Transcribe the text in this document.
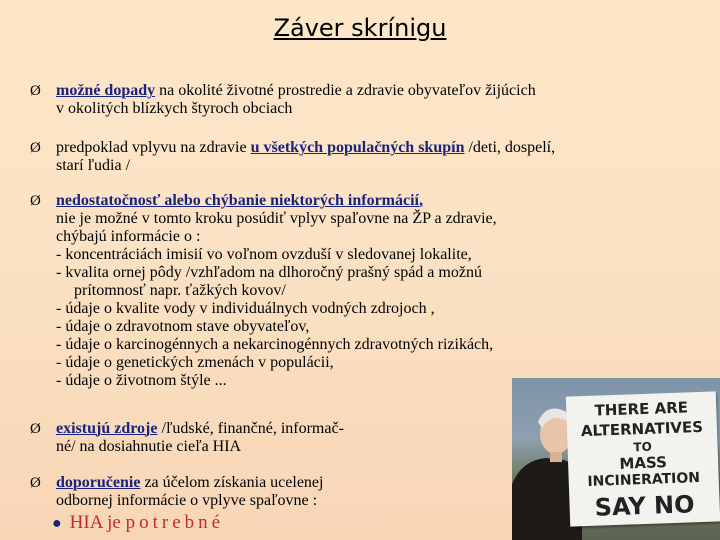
Záver skrínigu
Ø možné dopady na okolité životné prostredie a zdravie obyvateľov žijúcich
v okolitých blízkych štyroch obciach
Ø predpoklad vplyvu na zdravie u všetkých populačných skupín /deti, dospelí,
starí ľudia /
Ø nedostatočnosť alebo chýbanie niektorých informácií,
nie je možné v tomto kroku posúdiť vplyv spaľovne na ŽP a zdravie,
chýbajú informácie o :
- koncentráciách imisií vo voľnom ovzduší v sledovanej lokalite,
- kvalita ornej pôdy /vzhľadom na dlhoročný prašný spád a možnú
prítomnosť napr. ťažkých kovov/
- údaje o kvalite vody v individuálnych vodných zdrojoch ,
- údaje o zdravotnom stave obyvateľov,
- údaje o karcinogénnych a nekarcinogénnych zdravotných rizikách,
- údaje o genetických zmenách v populácii,
- údaje o životnom štýle ...
Ø existujú zdroje /ľudské, finančné, informač-
né/ na dosiahnutie cieľa HIA
Ø doporučenie za účelom získania ucelenej
odbornej informácie o vplyve spaľovne :
● HIA je potrebné
THERE ARE
ALTERNATIVES
TO
MASS
INCINERATION
SAY NO
